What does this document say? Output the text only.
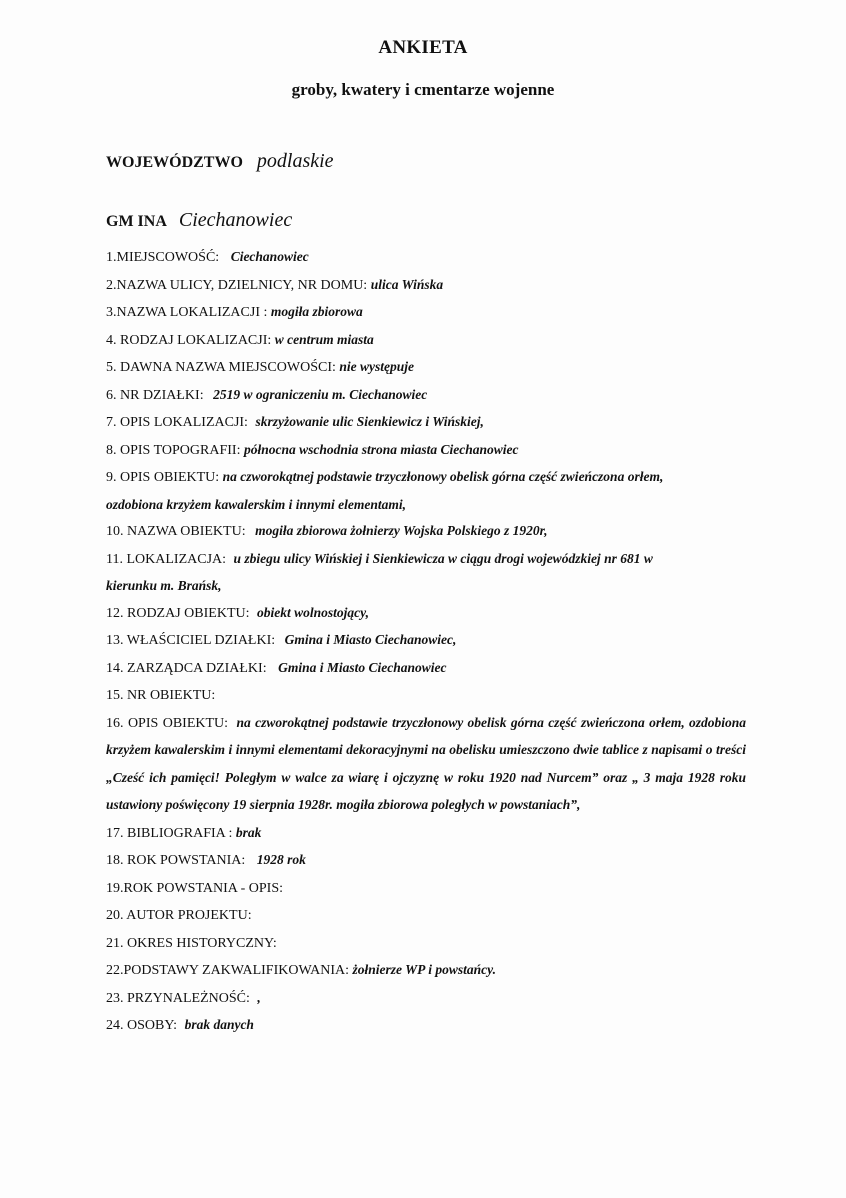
ANKIETA
groby, kwatery i cmentarze wojenne
WOJEWÓDZTWO podlaskie
GM INA Ciechanowiec
1.MIEJSCOWOŚĆ: Ciechanowiec
2.NAZWA ULICY, DZIELNICY, NR DOMU: ulica Wińska
3.NAZWA LOKALIZACJI : mogiła zbiorowa
4. RODZAJ LOKALIZACJI: w centrum miasta
5. DAWNA NAZWA MIEJSCOWOŚCI: nie występuje
6. NR DZIAŁKI: 2519 w ograniczeniu m. Ciechanowiec
7. OPIS LOKALIZACJI: skrzyżowanie ulic Sienkiewicz i Wińskiej,
8. OPIS TOPOGRAFII: północna wschodnia strona miasta Ciechanowiec
9. OPIS OBIEKTU: na czworokątnej podstawie trzyczłonowy obelisk górna część zwieńczona orłem,
ozdobiona krzyżem kawalerskim i innymi elementami,
10. NAZWA OBIEKTU: mogiła zbiorowa żołnierzy Wojska Polskiego z 1920r,
11. LOKALIZACJA: u zbiegu ulicy Wińskiej i Sienkiewicza w ciągu drogi wojewódzkiej nr 681 w
kierunku m. Brańsk,
12. RODZAJ OBIEKTU: obiekt wolnostojący,
13. WŁAŚCICIEL DZIAŁKI: Gmina i Miasto Ciechanowiec,
14. ZARZĄDCA DZIAŁKI: Gmina i Miasto Ciechanowiec
15. NR OBIEKTU:
16. OPIS OBIEKTU: na czworokątnej podstawie trzyczłonowy obelisk górna część zwieńczona orłem, ozdobiona krzyżem kawalerskim i innymi elementami dekoracyjnymi na obelisku umieszczono dwie tablice z napisami o treści „Cześć ich pamięci! Poległym w walce za wiarę i ojczyznę w roku 1920 nad Nurcem” oraz „ 3 maja 1928 roku ustawiony poświęcony 19 sierpnia 1928r. mogiła zbiorowa poległych w powstaniach”,
17. BIBLIOGRAFIA : brak
18. ROK POWSTANIA: 1928 rok
19.ROK POWSTANIA - OPIS:
20. AUTOR PROJEKTU:
21. OKRES HISTORYCZNY:
22.PODSTAWY ZAKWALIFIKOWANIA: żołnierze WP i powstańcy.
23. PRZYNALEŻNOŚĆ: ,
24. OSOBY: brak danych
